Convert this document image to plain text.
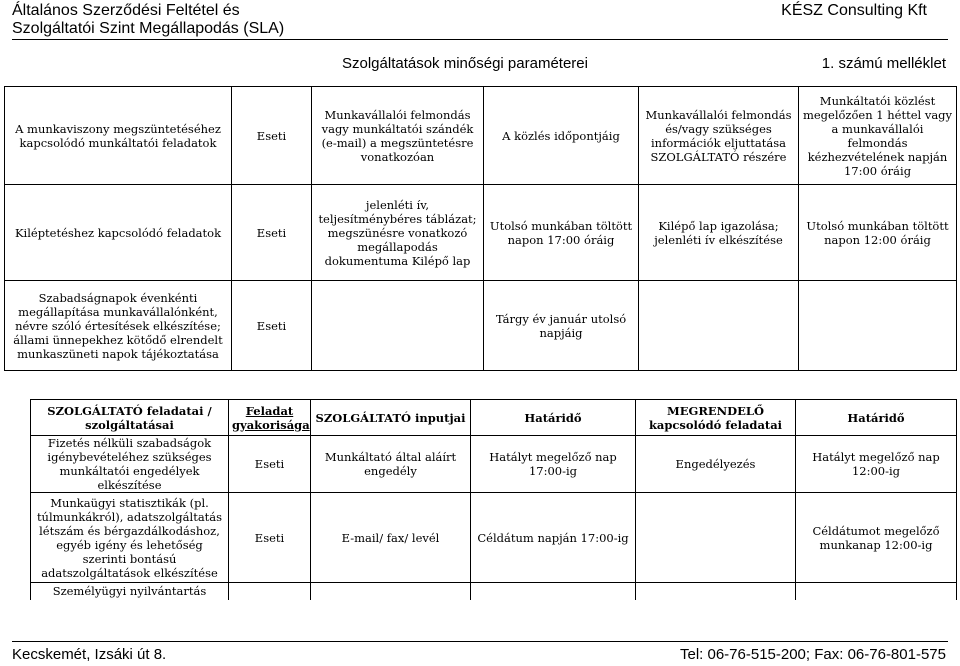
Általános Szerződési Feltétel és
Szolgáltatói Szint Megállapodás (SLA)
KÉSZ Consulting Kft
Szolgáltatások minőségi paraméterei	1. számú melléklet
A munkaviszony megszüntetéséhez kapcsolódó munkáltatói feladatok	Eseti	Munkavállalói felmondás vagy munkáltatói szándék (e-mail) a megszüntetésre vonatkozóan	A közlés időpontjáig	Munkavállalói felmondás és/vagy szükséges információk eljuttatása SZOLGÁLTATÓ részére	Munkáltatói közlést megelőzően 1 héttel vagy a munkavállalói felmondás kézhezvételének napján 17:00 óráig
Kiléptetéshez kapcsolódó feladatok	Eseti	jelenléti ív, teljesítménybéres táblázat; megszünésre vonatkozó megállapodás dokumentuma Kilépő lap	Utolsó munkában töltött napon 17:00 óráig	Kilépő lap igazolása; jelenléti ív elkészítése	Utolsó munkában töltött napon 12:00 óráig
Szabadságnapok évenkénti megállapítása munkavállalónként, névre szóló értesítések elkészítése; állami ünnepekhez kötődő elrendelt munkaszüneti napok tájékoztatása	Eseti		Tárgy év január utolsó napjáig		
SZOLGÁLTATÓ feladatai / szolgáltatásai	Feladat gyakorisága	SZOLGÁLTATÓ inputjai	Határidő	MEGRENDELŐ kapcsolódó feladatai	Határidő
Fizetés nélküli szabadságok igénybevételéhez szükséges munkáltatói engedélyek elkészítése	Eseti	Munkáltató által aláírt engedély	Hatályt megelőző nap 17:00-ig	Engedélyezés	Hatályt megelőző nap 12:00-ig
Munkaügyi statisztikák (pl. túlmunkákról), adatszolgáltatás létszám és bérgazdálkodáshoz, egyéb igény és lehetőség szerinti bontású adatszolgáltatások elkészítése	Eseti	E-mail/ fax/ levél	Céldátum napján 17:00-ig		Céldátumot megelőző munkanap 12:00-ig
Személyügyi nyilvántartás					
Kecskemét, Izsáki út 8.	Tel: 06-76-515-200; Fax: 06-76-801-575
